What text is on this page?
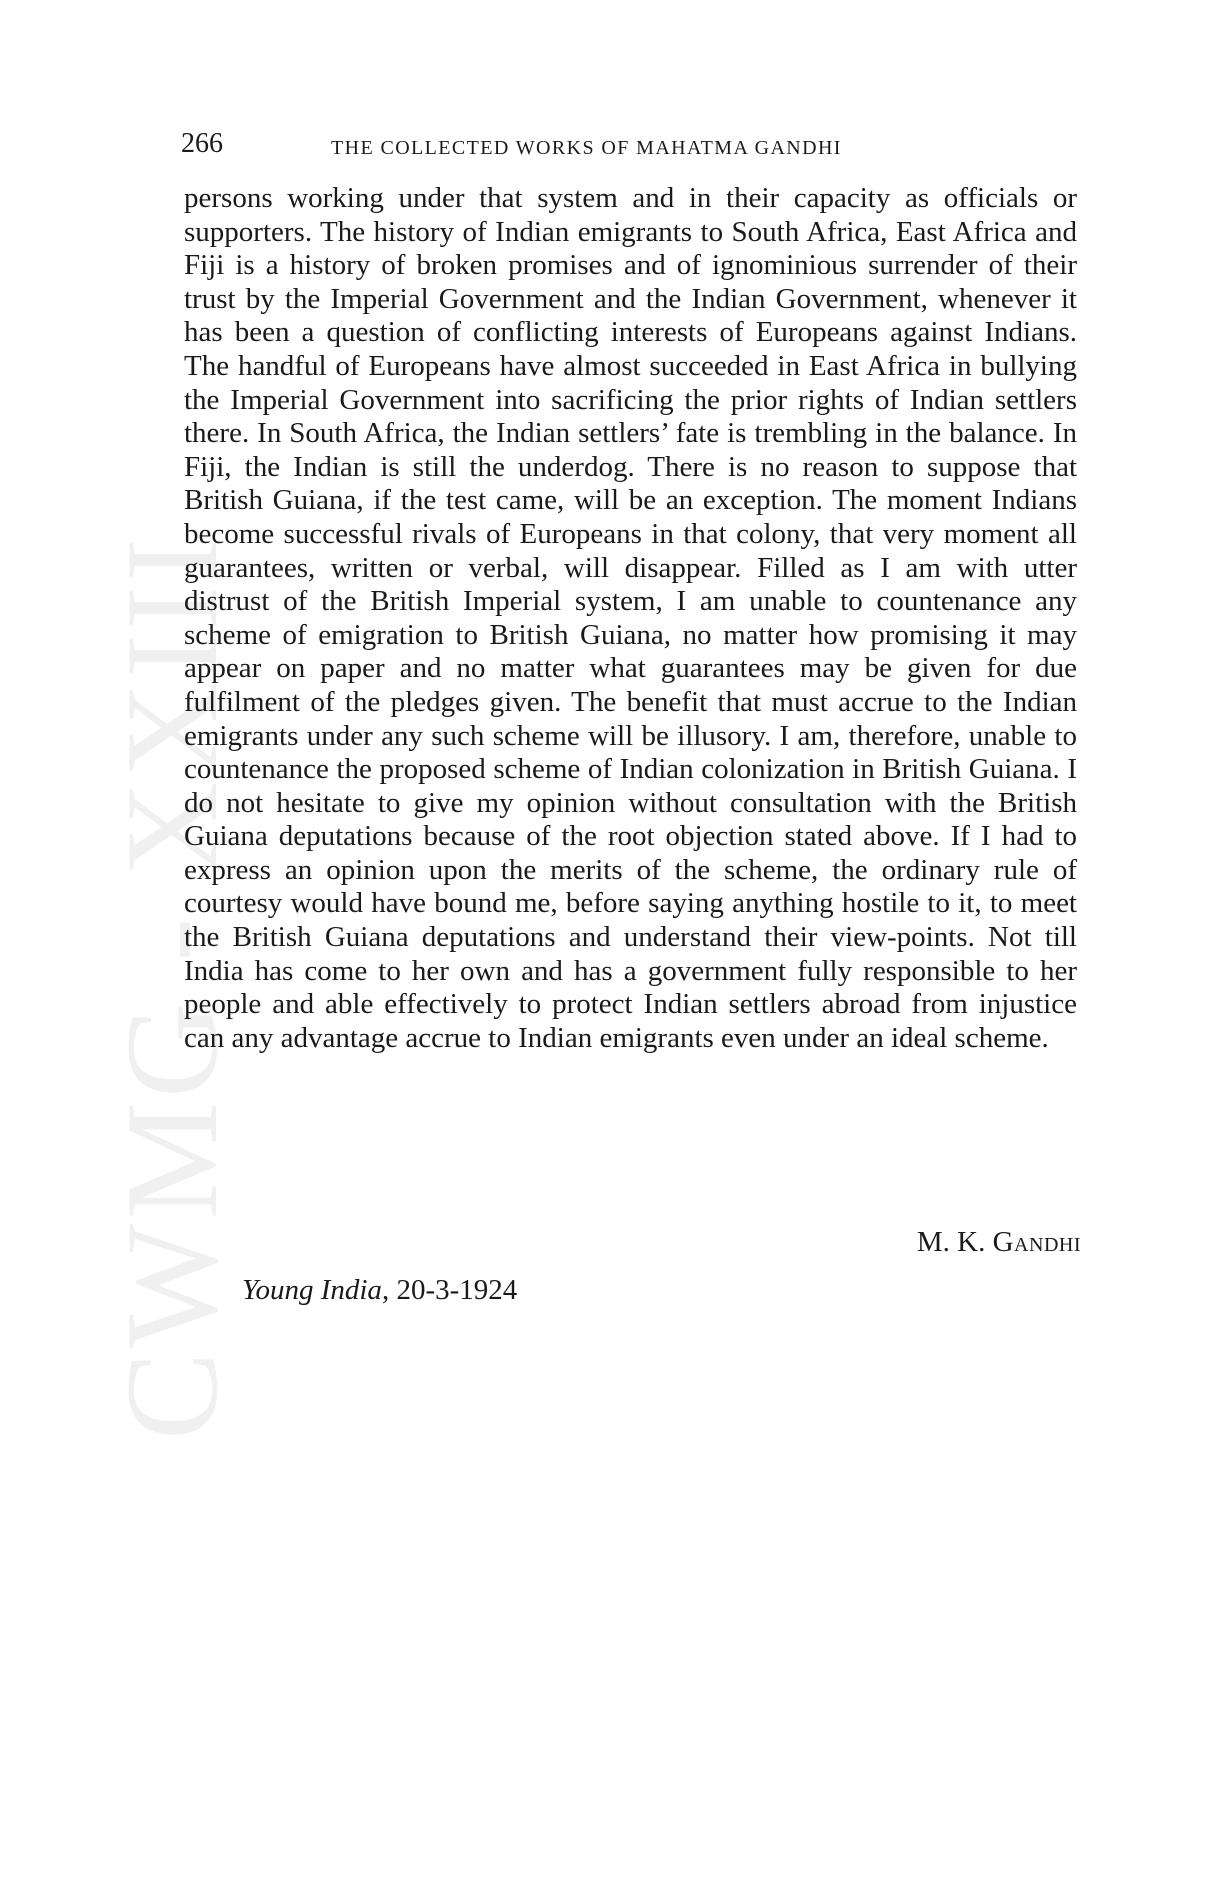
CWMG - XXIII
266	THE COLLECTED WORKS OF MAHATMA GANDHI

persons working under that system and in their capacity as officials or supporters. The history of Indian emigrants to South Africa, East Africa and Fiji is a history of broken promises and of ignominious surrender of their trust by the Imperial Government and the Indian Government, whenever it has been a question of conflicting interests of Europeans against Indians. The handful of Europeans have almost succeeded in East Africa in bullying the Imperial Government into sacrificing the prior rights of Indian settlers there. In South Africa, the Indian settlers’ fate is trembling in the balance. In Fiji, the Indian is still the underdog. There is no reason to suppose that British Guiana, if the test came, will be an exception. The moment Indians become successful rivals of Europeans in that colony, that very moment all guarantees, written or verbal, will disappear. Filled as I am with utter distrust of the British Imperial system, I am unable to countenance any scheme of emigration to British Guiana, no matter how promising it may appear on paper and no matter what guarantees may be given for due fulfilment of the pledges given. The benefit that must accrue to the Indian emigrants under any such scheme will be illusory. I am, therefore, unable to countenance the proposed scheme of Indian colonization in British Guiana. I do not hesitate to give my opinion without consultation with the British Guiana deputations because of the root objection stated above. If I had to express an opinion upon the merits of the scheme, the ordinary rule of courtesy would have bound me, before saying anything hostile to it, to meet the British Guiana deputations and understand their view-points. Not till India has come to her own and has a government fully responsible to her people and able effectively to protect Indian settlers abroad from injustice can any advantage accrue to Indian emigrants even under an ideal scheme.

M. K. Gandhi
Young India, 20-3-1924
